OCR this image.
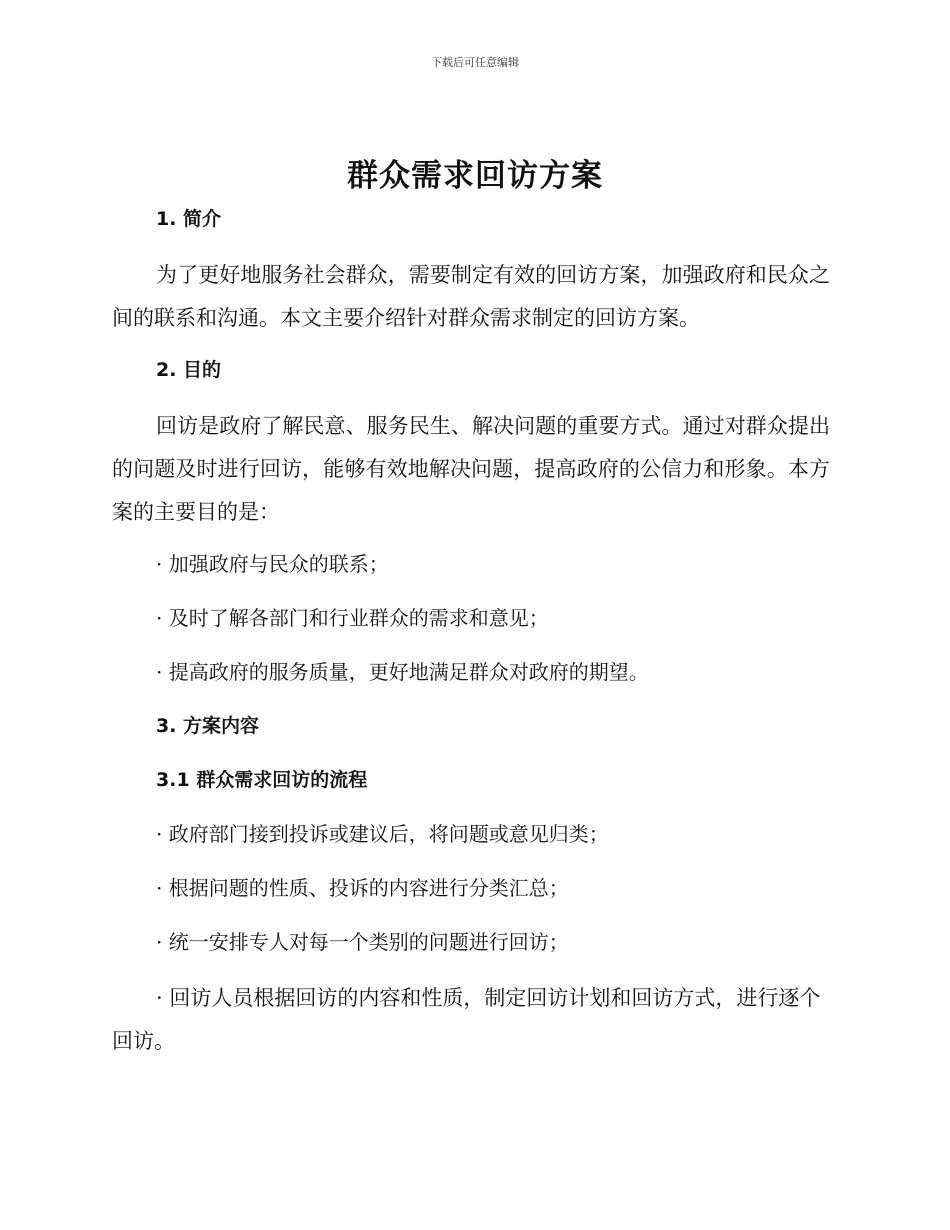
下载后可任意编辑
群众需求回访方案
1. 简介
为了更好地服务社会群众，需要制定有效的回访方案，加强政府和民众之间的联系和沟通。本文主要介绍针对群众需求制定的回访方案。
2. 目的
回访是政府了解民意、服务民生、解决问题的重要方式。通过对群众提出的问题及时进行回访，能够有效地解决问题，提高政府的公信力和形象。本方案的主要目的是：
· 加强政府与民众的联系；
· 及时了解各部门和行业群众的需求和意见；
· 提高政府的服务质量，更好地满足群众对政府的期望。
3. 方案内容
3.1 群众需求回访的流程
· 政府部门接到投诉或建议后，将问题或意见归类；
· 根据问题的性质、投诉的内容进行分类汇总；
· 统一安排专人对每一个类别的问题进行回访；
· 回访人员根据回访的内容和性质，制定回访计划和回访方式，进行逐个回访。
